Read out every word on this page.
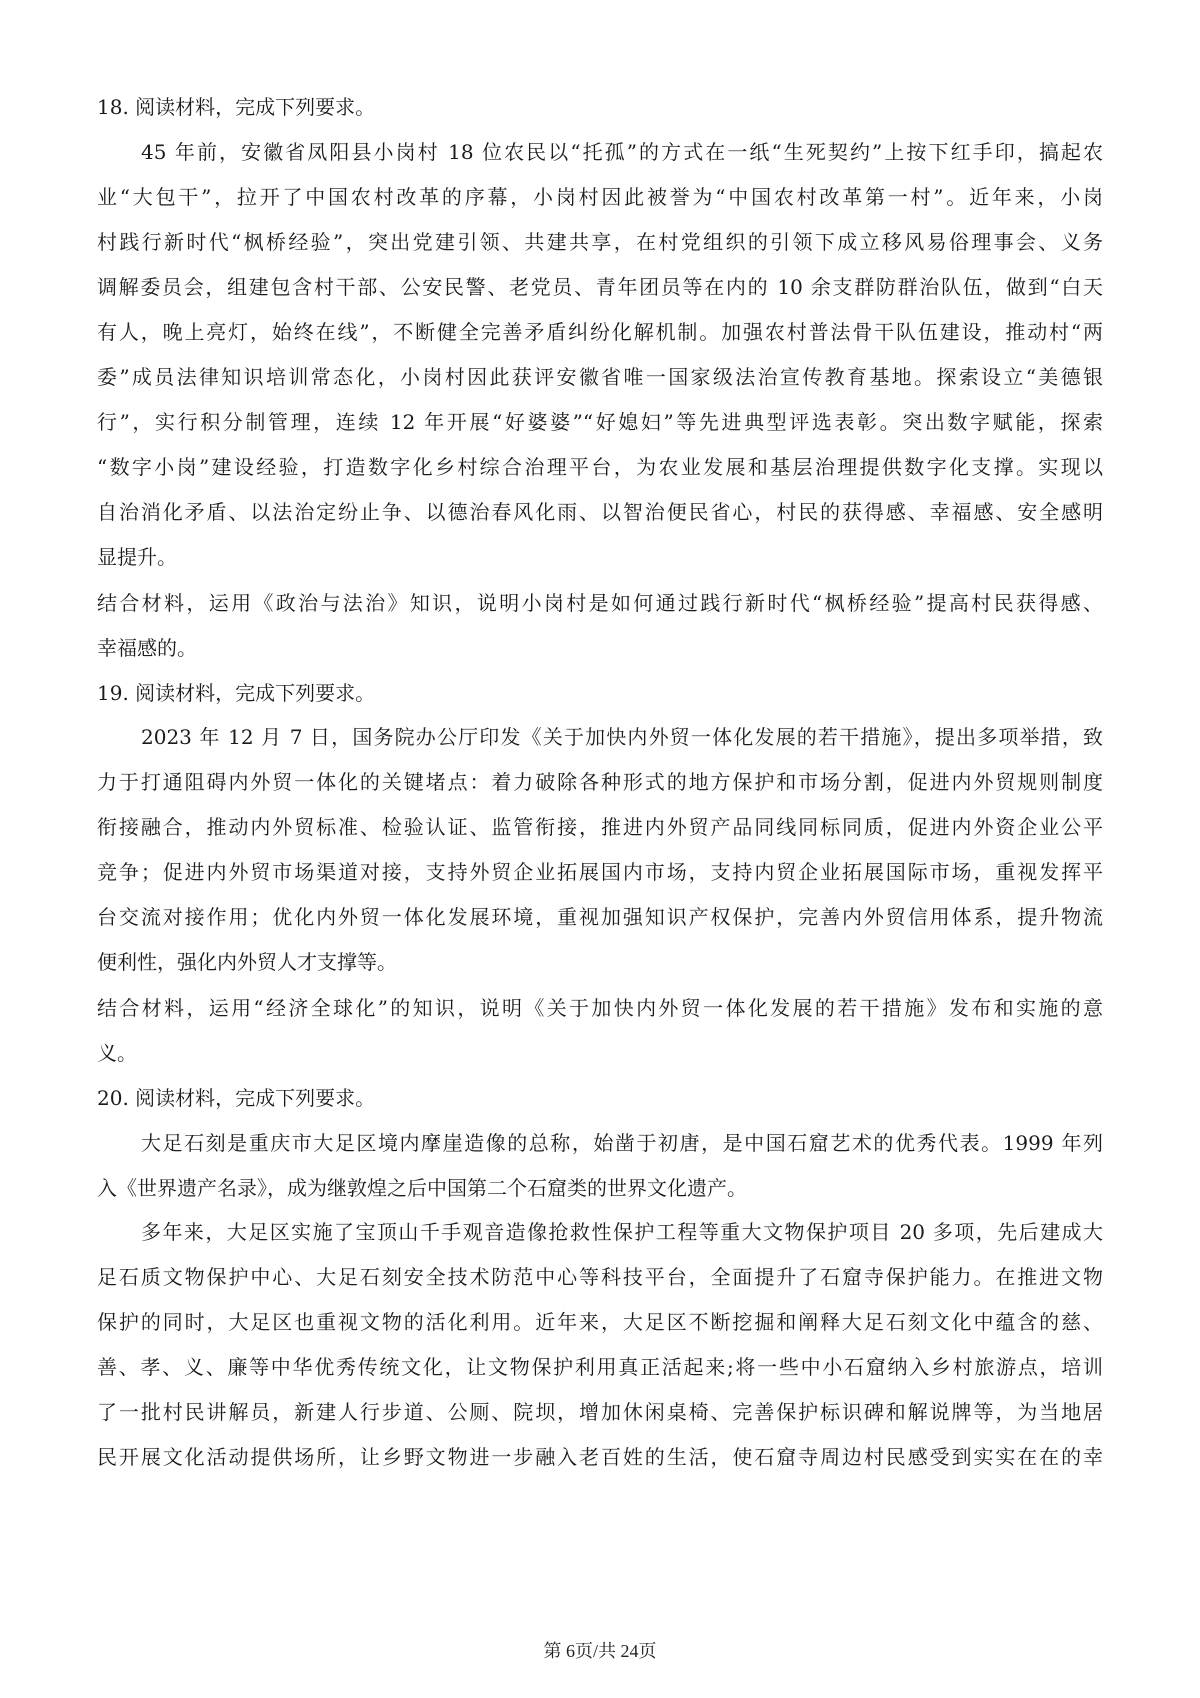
18. 阅读材料，完成下列要求。
45 年前，安徽省凤阳县小岗村 18 位农民以“托孤”的方式在一纸“生死契约”上按下红手印，搞起农
业“大包干”，拉开了中国农村改革的序幕，小岗村因此被誉为“中国农村改革第一村”。近年来，小岗
村践行新时代“枫桥经验”，突出党建引领、共建共享，在村党组织的引领下成立移风易俗理事会、义务
调解委员会，组建包含村干部、公安民警、老党员、青年团员等在内的 10 余支群防群治队伍，做到“白天
有人，晚上亮灯，始终在线”，不断健全完善矛盾纠纷化解机制。加强农村普法骨干队伍建设，推动村“两
委”成员法律知识培训常态化，小岗村因此获评安徽省唯一国家级法治宣传教育基地。探索设立“美德银
行”，实行积分制管理，连续 12 年开展“好婆婆”“好媳妇”等先进典型评选表彰。突出数字赋能，探索
“数字小岗”建设经验，打造数字化乡村综合治理平台，为农业发展和基层治理提供数字化支撑。实现以
自治消化矛盾、以法治定纷止争、以德治春风化雨、以智治便民省心，村民的获得感、幸福感、安全感明
显提升。
结合材料，运用《政治与法治》知识，说明小岗村是如何通过践行新时代“枫桥经验”提高村民获得感、
幸福感的。
19. 阅读材料，完成下列要求。
2023 年 12 月 7 日，国务院办公厅印发《关于加快内外贸一体化发展的若干措施》，提出多项举措，致
力于打通阻碍内外贸一体化的关键堵点：着力破除各种形式的地方保护和市场分割，促进内外贸规则制度
衔接融合，推动内外贸标准、检验认证、监管衔接，推进内外贸产品同线同标同质，促进内外资企业公平
竞争；促进内外贸市场渠道对接，支持外贸企业拓展国内市场，支持内贸企业拓展国际市场，重视发挥平
台交流对接作用；优化内外贸一体化发展环境，重视加强知识产权保护，完善内外贸信用体系，提升物流
便利性，强化内外贸人才支撑等。
结合材料，运用“经济全球化”的知识，说明《关于加快内外贸一体化发展的若干措施》发布和实施的意
义。
20. 阅读材料，完成下列要求。
大足石刻是重庆市大足区境内摩崖造像的总称，始凿于初唐，是中国石窟艺术的优秀代表。1999 年列
入《世界遗产名录》，成为继敦煌之后中国第二个石窟类的世界文化遗产。
多年来，大足区实施了宝顶山千手观音造像抢救性保护工程等重大文物保护项目 20 多项，先后建成大
足石质文物保护中心、大足石刻安全技术防范中心等科技平台，全面提升了石窟寺保护能力。在推进文物
保护的同时，大足区也重视文物的活化利用。近年来，大足区不断挖掘和阐释大足石刻文化中蕴含的慈、
善、孝、义、廉等中华优秀传统文化，让文物保护利用真正活起来;将一些中小石窟纳入乡村旅游点，培训
了一批村民讲解员，新建人行步道、公厕、院坝，增加休闲桌椅、完善保护标识碑和解说牌等，为当地居
民开展文化活动提供场所，让乡野文物进一步融入老百姓的生活，使石窟寺周边村民感受到实实在在的幸
第 6页/共 24页
